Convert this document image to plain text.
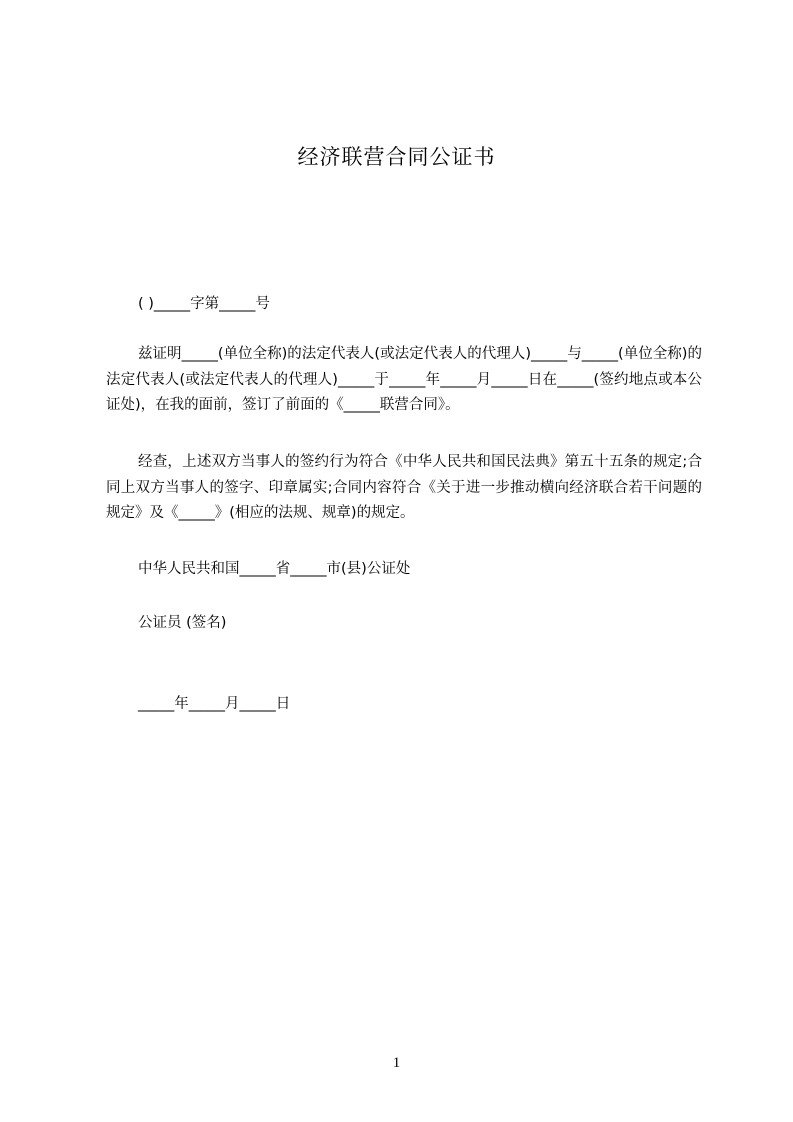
经济联营合同公证书
( )_____字第_____号
兹证明_____(单位全称)的法定代表人(或法定代表人的代理人)_____与_____(单位全称)的法定代表人(或法定代表人的代理人)_____于_____年_____月_____日在_____(签约地点或本公证处)，在我的面前，签订了前面的《_____联营合同》。
经查，上述双方当事人的签约行为符合《中华人民共和国民法典》第五十五条的规定;合同上双方当事人的签字、印章属实;合同内容符合《关于进一步推动横向经济联合若干问题的规定》及《_____》(相应的法规、规章)的规定。
中华人民共和国_____省_____市(县)公证处
公证员 (签名)
_____年_____月_____日
1
